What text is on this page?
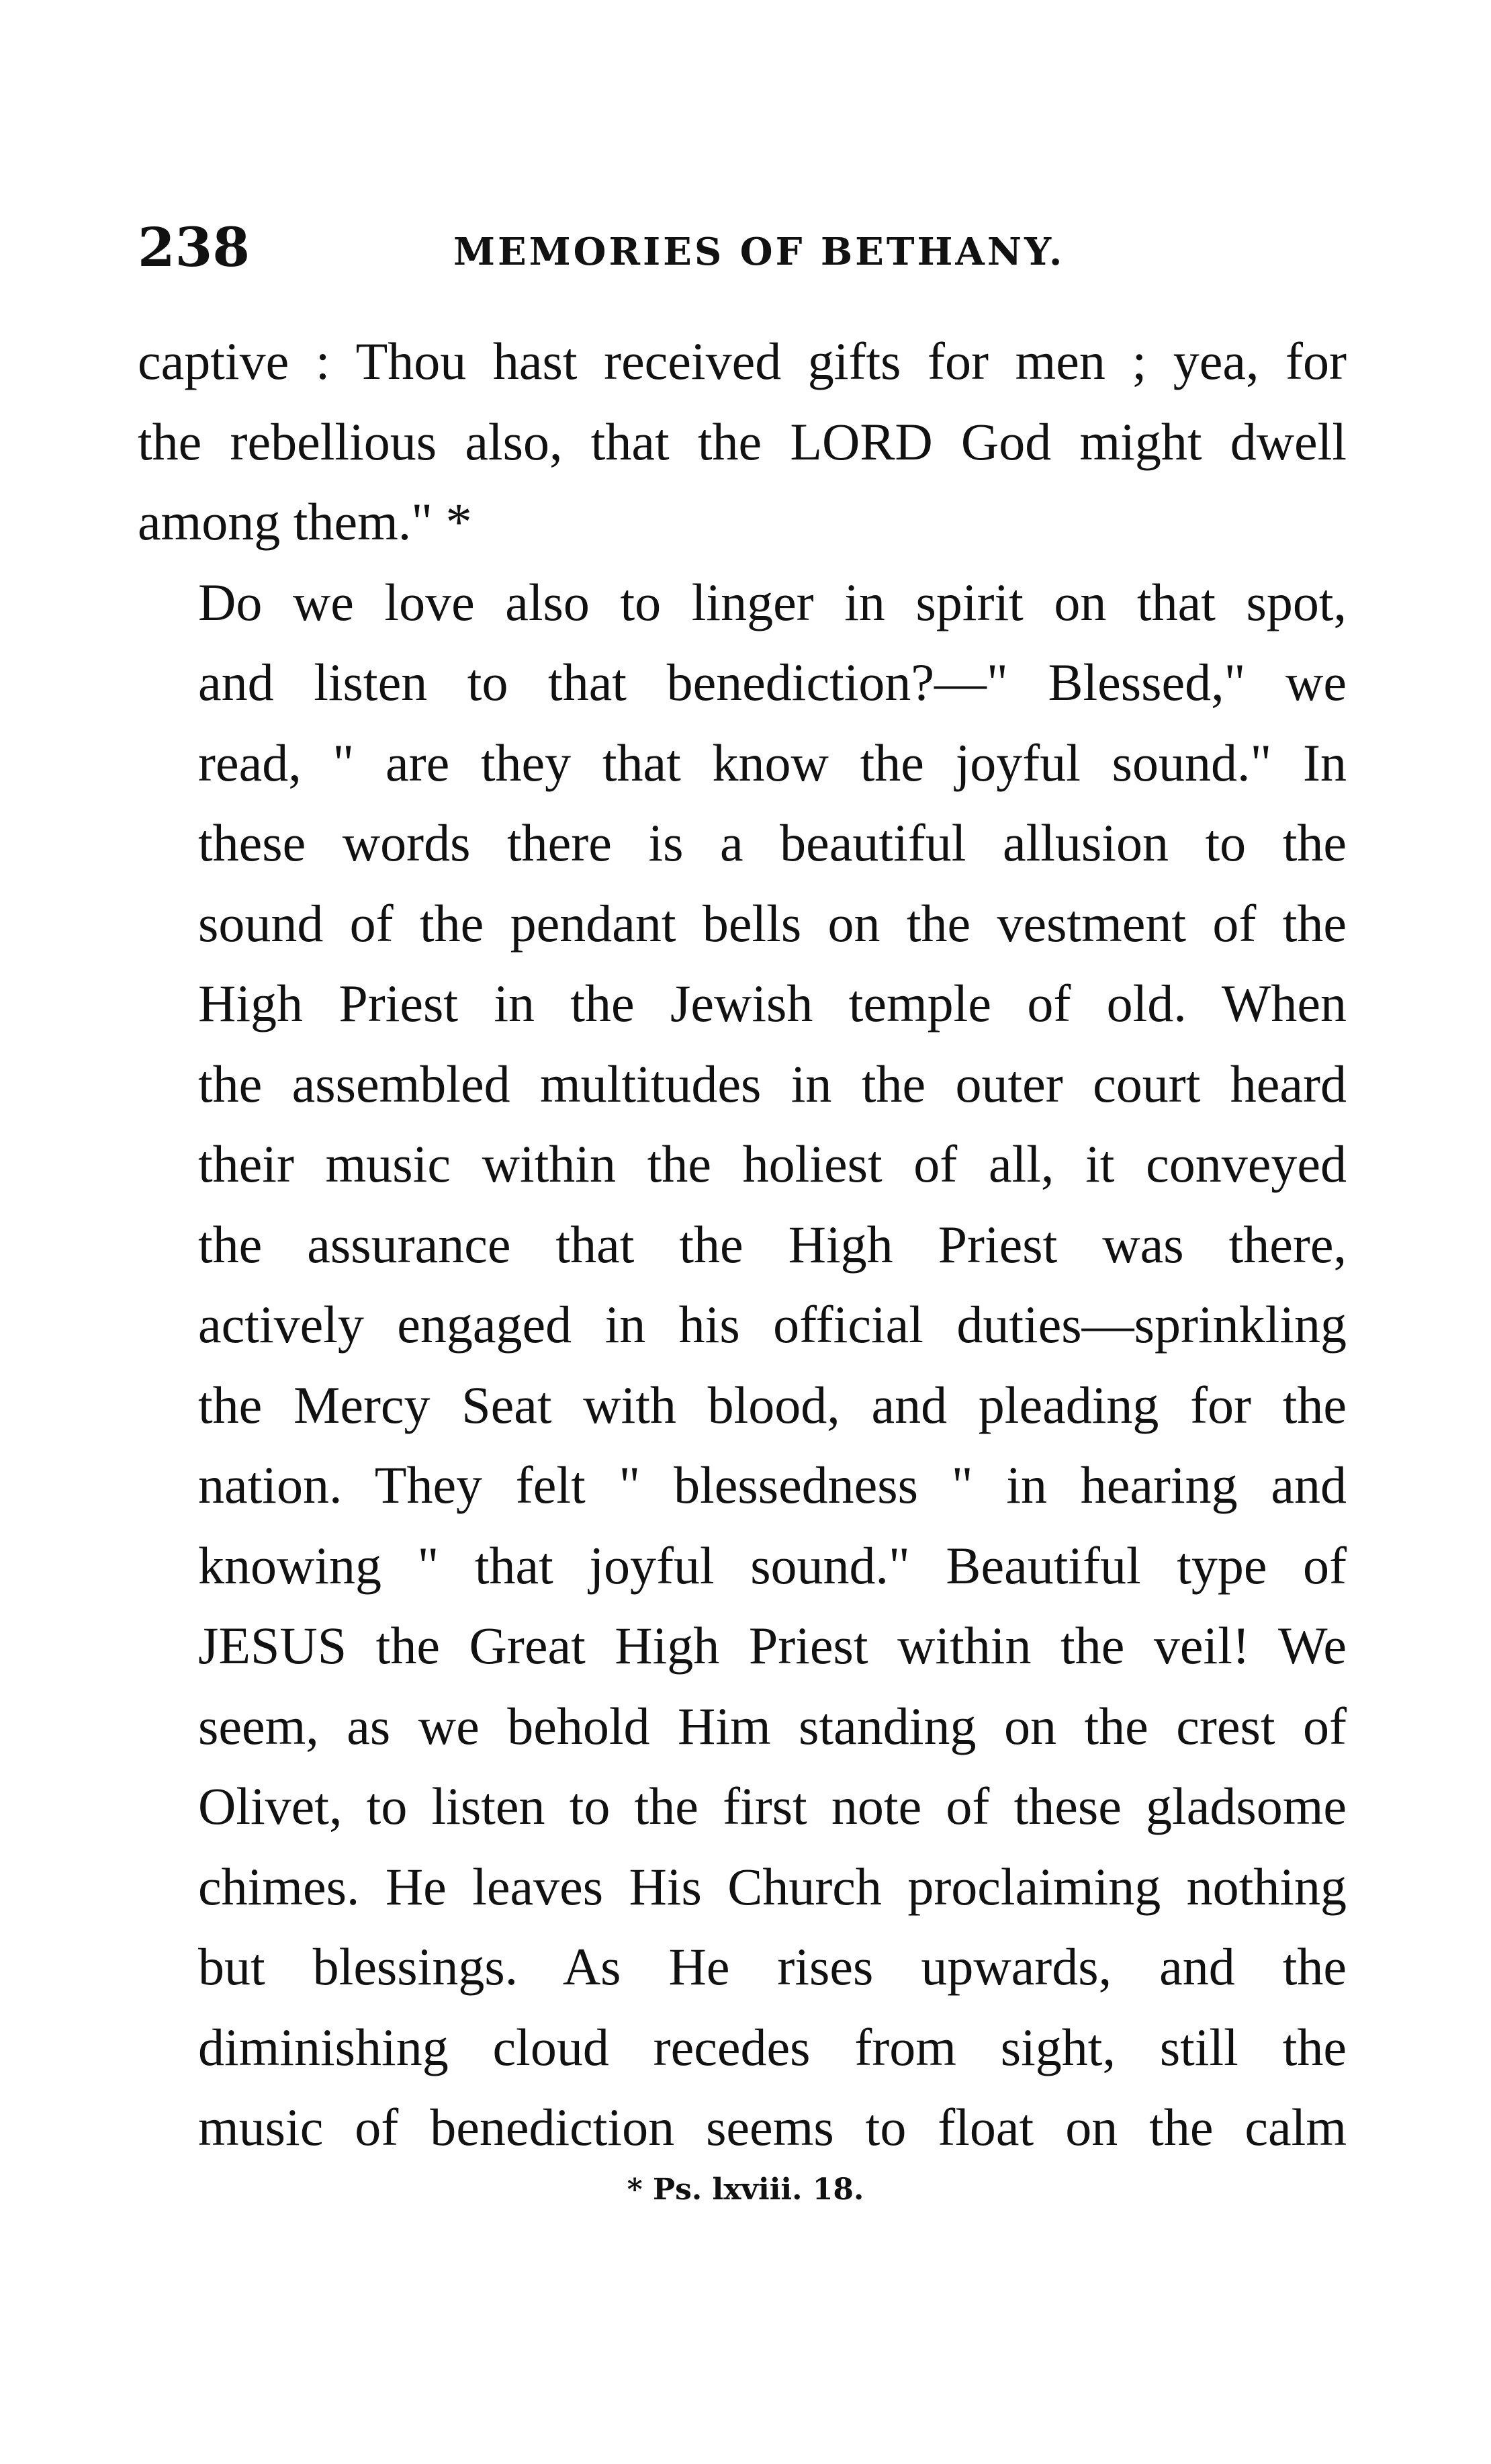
238	MEMORIES OF BETHANY.

captive : Thou hast received gifts for men ; yea, for
the rebellious also, that the LORD God might dwell
among them." *

Do we love also to linger in spirit on that spot,
and listen to that benediction?—" Blessed," we
read, " are they that know the joyful sound." In
these words there is a beautiful allusion to the
sound of the pendant bells on the vestment of the
High Priest in the Jewish temple of old. When
the assembled multitudes in the outer court heard
their music within the holiest of all, it conveyed
the assurance that the High Priest was there,
actively engaged in his official duties—sprinkling
the Mercy Seat with blood, and pleading for the
nation. They felt " blessedness " in hearing and
knowing " that joyful sound." Beautiful type of
JESUS the Great High Priest within the veil! We
seem, as we behold Him standing on the crest of
Olivet, to listen to the first note of these gladsome
chimes. He leaves His Church proclaiming nothing
but blessings. As He rises upwards, and the
diminishing cloud recedes from sight, still the
music of benediction seems to float on the calm

* Ps. lxviii. 18.
